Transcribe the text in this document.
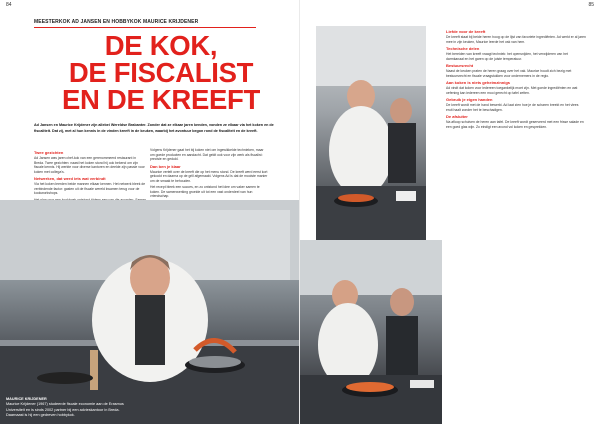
84
MEESTERKOK AD JANSEN EN HOBBYKOK MAURICE KRIJDENER
DE KOK,
DE FISCALIST
EN DE KREEFT

Ad Jansen en Maurice Krijdener zijn allebei Wereldse Brabanter. Zonder dat ze elkaar jaren kenden, vonden ze elkaar via het koken en de fiscaliteit. Dat zij, met al hun kennis in de vinden kreeft in de keuken, waarbij het avontuur begon rond de fiscaliteit en de kreeft.

Twee gezichten

Ad Jansen was jaren chef-kok van een gerenommeerd restaurant in Breda. Twee gezichten: naast het koken stond hij ook bekend om zijn fiscale kennis. Hij werkte voor diverse kantoren en deelde zijn passie voor koken met collega's.

Netwerken, dat werd iets wat verbindt

Via het koken leerden beide mannen elkaar kennen. Het netwerk bleek de verbindende factor: gasten uit de fiscale wereld kwamen terug voor de kookworkshops.

Volgens Krijdener gaat het bij koken niet om ingewikkelde technieken, maar om goede producten en aandacht. Dat geldt ook voor zijn werk als fiscalist: precisie en geduld.

Dan ben je klaar

Maurice vertelt over de kreeft die op het menu stond. De kreeft werd eerst kort gekookt en daarna op de grill afgemaakt. Volgens Ad is dat de mooiste manier om de smaak te behouden.

Het recept bleek een succes, en zo ontstond het idee om vaker samen te koken. De samenwerking groeide uit tot een vast onderdeel van hun vriendschap.

MAURICE KRIJDENER
Maurice Krijdener (1967) studeerde fiscale economie aan de Erasmus Universiteit en is sinds 2002 partner bij een advieskantoor in Breda. Daarnaast is hij een gedreven hobbykok.
85
Liefde voor de kreeft

De kreeft staat bij beide heren hoog op de lijst van favoriete ingrediënten. Ad werkt er al jaren mee in zijn keuken, Maurice leerde het vak van hem.

Technische delen

Het bereiden van kreeft vraagt techniek: het opensnijden, het verwijderen van het darmkanaal en het garen op de juiste temperatuur.

Bestuursrecht

Naast de keuken praten de heren graag over het vak. Maurice houdt zich bezig met bestuursrecht en fiscale vraagstukken voor ondernemers in de regio.

Aan koken is niets geheimzinnigs

Ad vindt dat koken voor iedereen toegankelijk moet zijn. Met goede ingrediënten en wat oefening kan iedereen een mooi gerecht op tafel zetten.

Gebruik je eigen handen

De kreeft wordt met de hand bewerkt. Ad laat zien hoe je de scharen breekt en het vlees eruit haalt zonder het te beschadigen.

De afsluiter

Na afloop schuiven de heren aan tafel. De kreeft wordt geserveerd met een frisse salade en een goed glas wijn. Zo eindigt een avond vol koken en gesprekken.
